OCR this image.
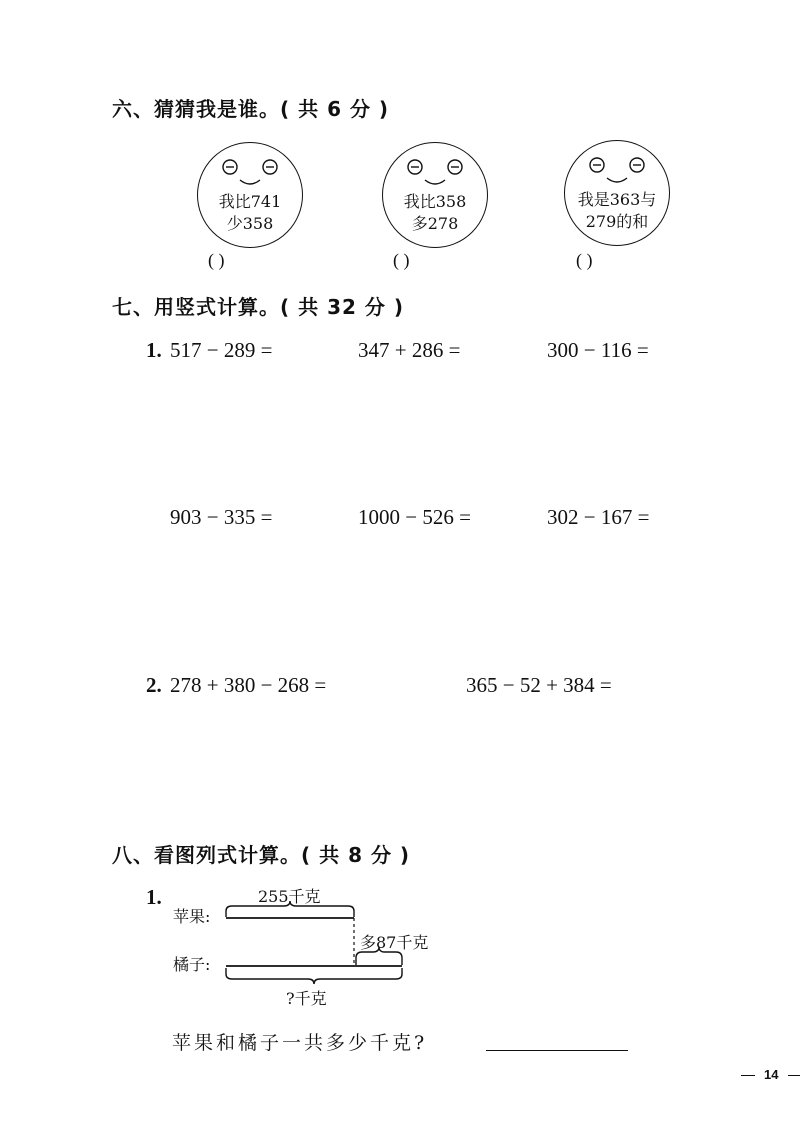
六、猜猜我是谁。( 共 6 分 )
我比741
少358
( )
我比358
多278
( )
我是363与
279的和
( )
七、用竖式计算。( 共 32 分 )
1. 517 − 289 =	347 + 286 =	300 − 116 =
903 − 335 =	1000 − 526 =	302 − 167 =
2. 278 + 380 − 268 =	365 − 52 + 384 =
八、看图列式计算。( 共 8 分 )
1.	255千克
苹果:
多87千克
橘子:
?千克
苹果和橘子一共多少千克?
14
